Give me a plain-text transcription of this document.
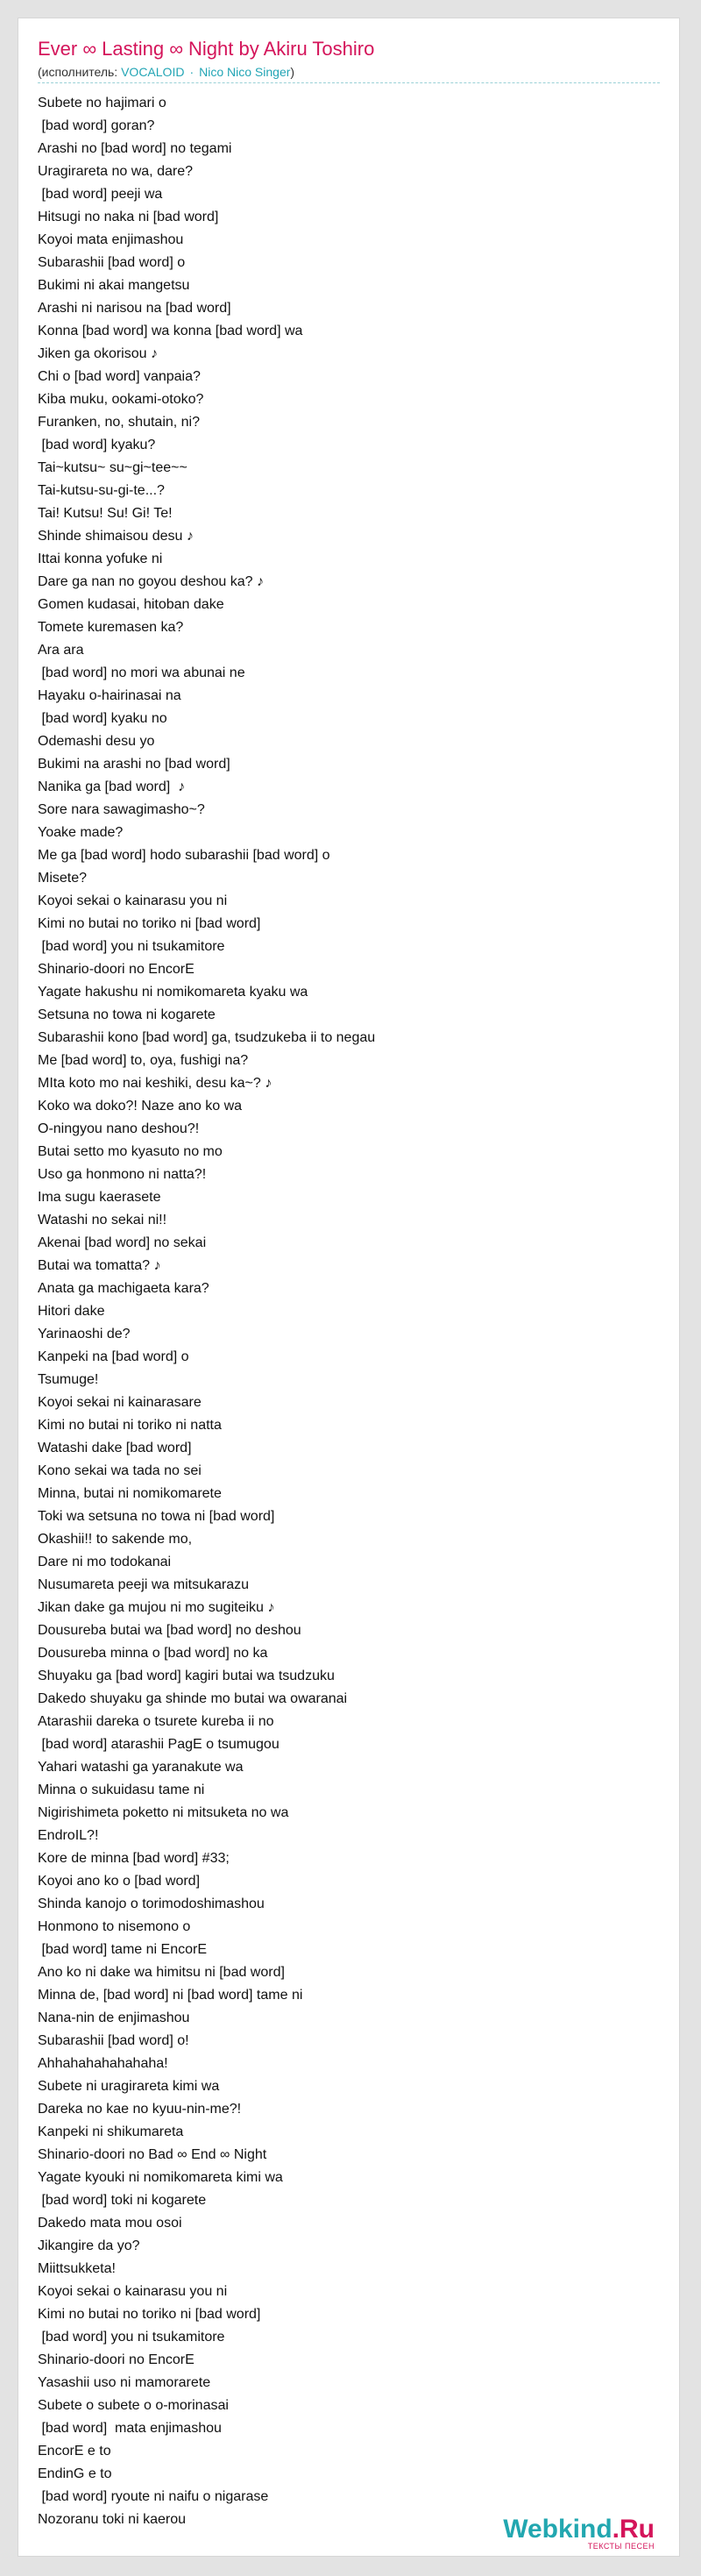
Ever ∞ Lasting ∞ Night by Akiru Toshiro
(исполнитель: VOCALOID · Nico Nico Singer)
Subete no hajimari o
[bad word] goran?
Arashi no [bad word] no tegami
Uragirareta no wa, dare?
[bad word] peeji wa
Hitsugi no naka ni [bad word]
Koyoi mata enjimashou
Subarashii [bad word] o
Bukimi ni akai mangetsu
Arashi ni narisou na [bad word]
Konna [bad word] wa konna [bad word] wa
Jiken ga okorisou ♪
Chi o [bad word] vanpaia?
Kiba muku, ookami-otoko?
Furanken, no, shutain, ni?
[bad word] kyaku?
Tai~kutsu~ su~gi~tee~~
Tai-kutsu-su-gi-te...?
Tai! Kutsu! Su! Gi! Te!
Shinde shimaisou desu ♪
Ittai konna yofuke ni
Dare ga nan no goyou deshou ka? ♪
Gomen kudasai, hitoban dake
Tomete kuremasen ka?
Ara ara
[bad word] no mori wa abunai ne
Hayaku o-hairinasai na
[bad word] kyaku no
Odemashi desu yo
Bukimi na arashi no [bad word]
Nanika ga [bad word]  ♪
Sore nara sawagimasho~?
Yoake made?
Me ga [bad word] hodo subarashii [bad word] o
Misete?
Koyoi sekai o kainarasu you ni
Kimi no butai no toriko ni [bad word]
[bad word] you ni tsukamitore
Shinario-doori no EncorE
Yagate hakushu ni nomikomareta kyaku wa
Setsuna no towa ni kogarete
Subarashii kono [bad word] ga, tsudzukeba ii to negau
Me [bad word] to, oya, fushigi na?
MIta koto mo nai keshiki, desu ka~? ♪
Koko wa doko?! Naze ano ko wa
O-ningyou nano deshou?!
Butai setto mo kyasuto no mo
Uso ga honmono ni natta?!
Ima sugu kaerasete
Watashi no sekai ni!!
Akenai [bad word] no sekai
Butai wa tomatta? ♪
Anata ga machigaeta kara?
Hitori dake
Yarinaoshi de?
Kanpeki na [bad word] o
Tsumuge!
Koyoi sekai ni kainarasare
Kimi no butai ni toriko ni natta
Watashi dake [bad word]
Kono sekai wa tada no sei
Minna, butai ni nomikomarete
Toki wa setsuna no towa ni [bad word]
Okashii!! to sakende mo,
Dare ni mo todokanai
Nusumareta peeji wa mitsukarazu
Jikan dake ga mujou ni mo sugiteiku ♪
Dousureba butai wa [bad word] no deshou
Dousureba minna o [bad word] no ka
Shuyaku ga [bad word] kagiri butai wa tsudzuku
Dakedo shuyaku ga shinde mo butai wa owaranai
Atarashii dareka o tsurete kureba ii no
[bad word] atarashii PagE o tsumugou
Yahari watashi ga yaranakute wa
Minna o sukuidasu tame ni
Nigirishimeta poketto ni mitsuketa no wa
EndroIL?!
Kore de minna [bad word] #33;
Koyoi ano ko o [bad word]
Shinda kanojo o torimodoshimashou
Honmono to nisemono o
[bad word] tame ni EncorE
Ano ko ni dake wa himitsu ni [bad word]
Minna de, [bad word] ni [bad word] tame ni
Nana-nin de enjimashou
Subarashii [bad word] o!
Ahhahahahahahaha!
Subete ni uragirareta kimi wa
Dareka no kae no kyuu-nin-me?!
Kanpeki ni shikumareta
Shinario-doori no Bad ∞ End ∞ Night
Yagate kyouki ni nomikomareta kimi wa
[bad word] toki ni kogarete
Dakedo mata mou osoi
Jikangire da yo?
Miittsukketa!
Koyoi sekai o kainarasu you ni
Kimi no butai no toriko ni [bad word]
[bad word] you ni tsukamitore
Shinario-doori no EncorE
Yasashii uso ni mamorarete
Subete o subete o o-morinasai
[bad word]  mata enjimashou
EncorE e to
EndinG e to
[bad word] ryoute ni naifu o nigarase
Nozoranu toki ni kaerou	Webkind.Ru
ТЕКСТЫ ПЕСЕН
